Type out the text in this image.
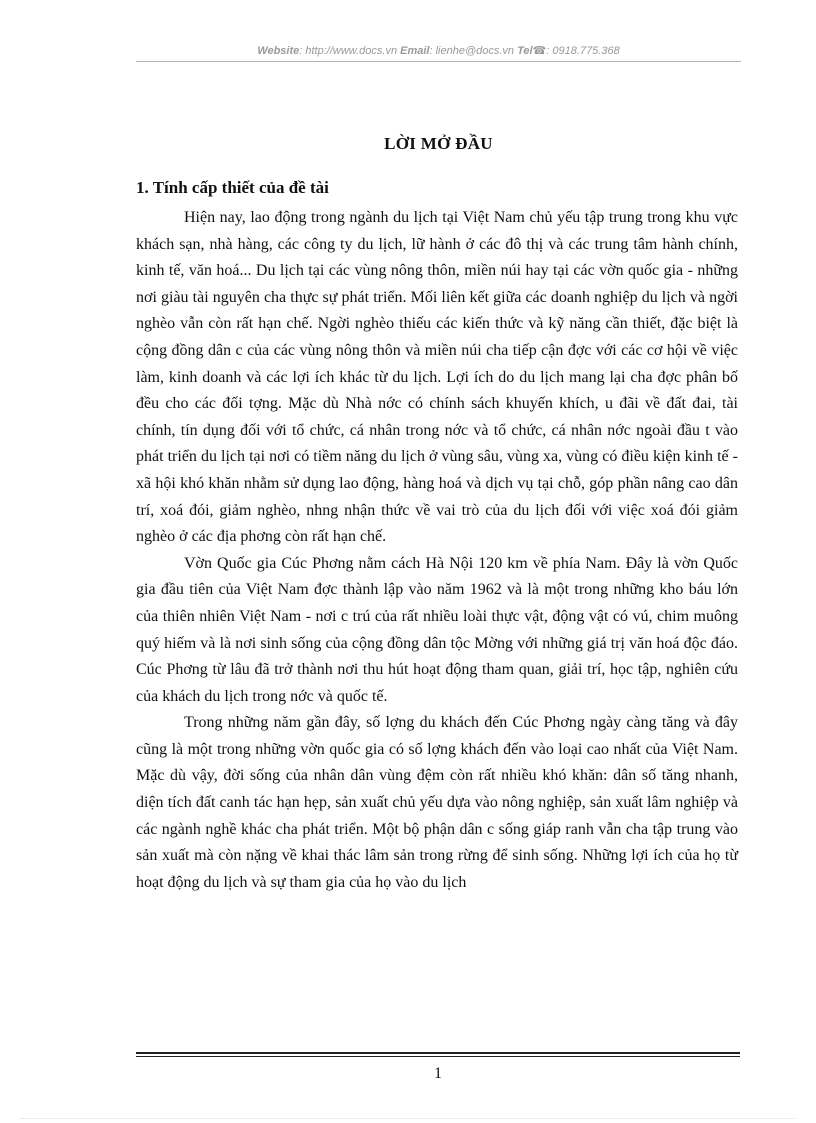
Website: http://www.docs.vn Email: lienhe@docs.vn Tel☎: 0918.775.368
LỜI MỞ ĐẦU
1. Tính cấp thiết của đề tài

Hiện nay, lao động trong ngành du lịch tại Việt Nam chủ yếu tập trung trong khu vực khách sạn, nhà hàng, các công ty du lịch, lữ hành ở các đô thị và các trung tâm hành chính, kinh tế, văn hoá... Du lịch tại các vùng nông thôn, miền núi hay tại các vờn quốc gia - những nơi giàu tài nguyên cha thực sự phát triển. Mối liên kết giữa các doanh nghiệp du lịch và ngời nghèo vẫn còn rất hạn chế. Ngời nghèo thiếu các kiến thức và kỹ năng cần thiết, đặc biệt là cộng đồng dân c của các vùng nông thôn và miền núi cha tiếp cận đợc với các cơ hội về việc làm, kinh doanh và các lợi ích khác từ du lịch. Lợi ích do du lịch mang lại cha đợc phân bố đều cho các đối tợng. Mặc dù Nhà nớc có chính sách khuyến khích, u đãi về đất đai, tài chính, tín dụng đối với tổ chức, cá nhân trong nớc và tổ chức, cá nhân nớc ngoài đầu t vào phát triển du lịch tại nơi có tiềm năng du lịch ở vùng sâu, vùng xa, vùng có điều kiện kinh tế - xã hội khó khăn nhằm sử dụng lao động, hàng hoá và dịch vụ tại chỗ, góp phần nâng cao dân trí, xoá đói, giảm nghèo, nhng nhận thức về vai trò của du lịch đối với việc xoá đói giảm nghèo ở các địa phơng còn rất hạn chế.

Vờn Quốc gia Cúc Phơng nằm cách Hà Nội 120 km về phía Nam. Đây là vờn Quốc gia đầu tiên của Việt Nam đợc thành lập vào năm 1962 và là một trong những kho báu lớn của thiên nhiên Việt Nam - nơi c trú của rất nhiều loài thực vật, động vật có vú, chim muông quý hiếm và là nơi sinh sống của cộng đồng dân tộc Mờng với những giá trị văn hoá độc đáo. Cúc Phơng từ lâu đã trở thành nơi thu hút hoạt động tham quan, giải trí, học tập, nghiên cứu của khách du lịch trong nớc và quốc tế.

Trong những năm gần đây, số lợng du khách đến Cúc Phơng ngày càng tăng và đây cũng là một trong những vờn quốc gia có số lợng khách đến vào loại cao nhất của Việt Nam. Mặc dù vậy, đời sống của nhân dân vùng đệm còn rất nhiều khó khăn: dân số tăng nhanh, diện tích đất canh tác hạn hẹp, sản xuất chủ yếu dựa vào nông nghiệp, sản xuất lâm nghiệp và các ngành nghề khác cha phát triển. Một bộ phận dân c sống giáp ranh vẫn cha tập trung vào sản xuất mà còn nặng về khai thác lâm sản trong rừng để sinh sống. Những lợi ích của họ từ hoạt động du lịch và sự tham gia của họ vào du lịch

1
